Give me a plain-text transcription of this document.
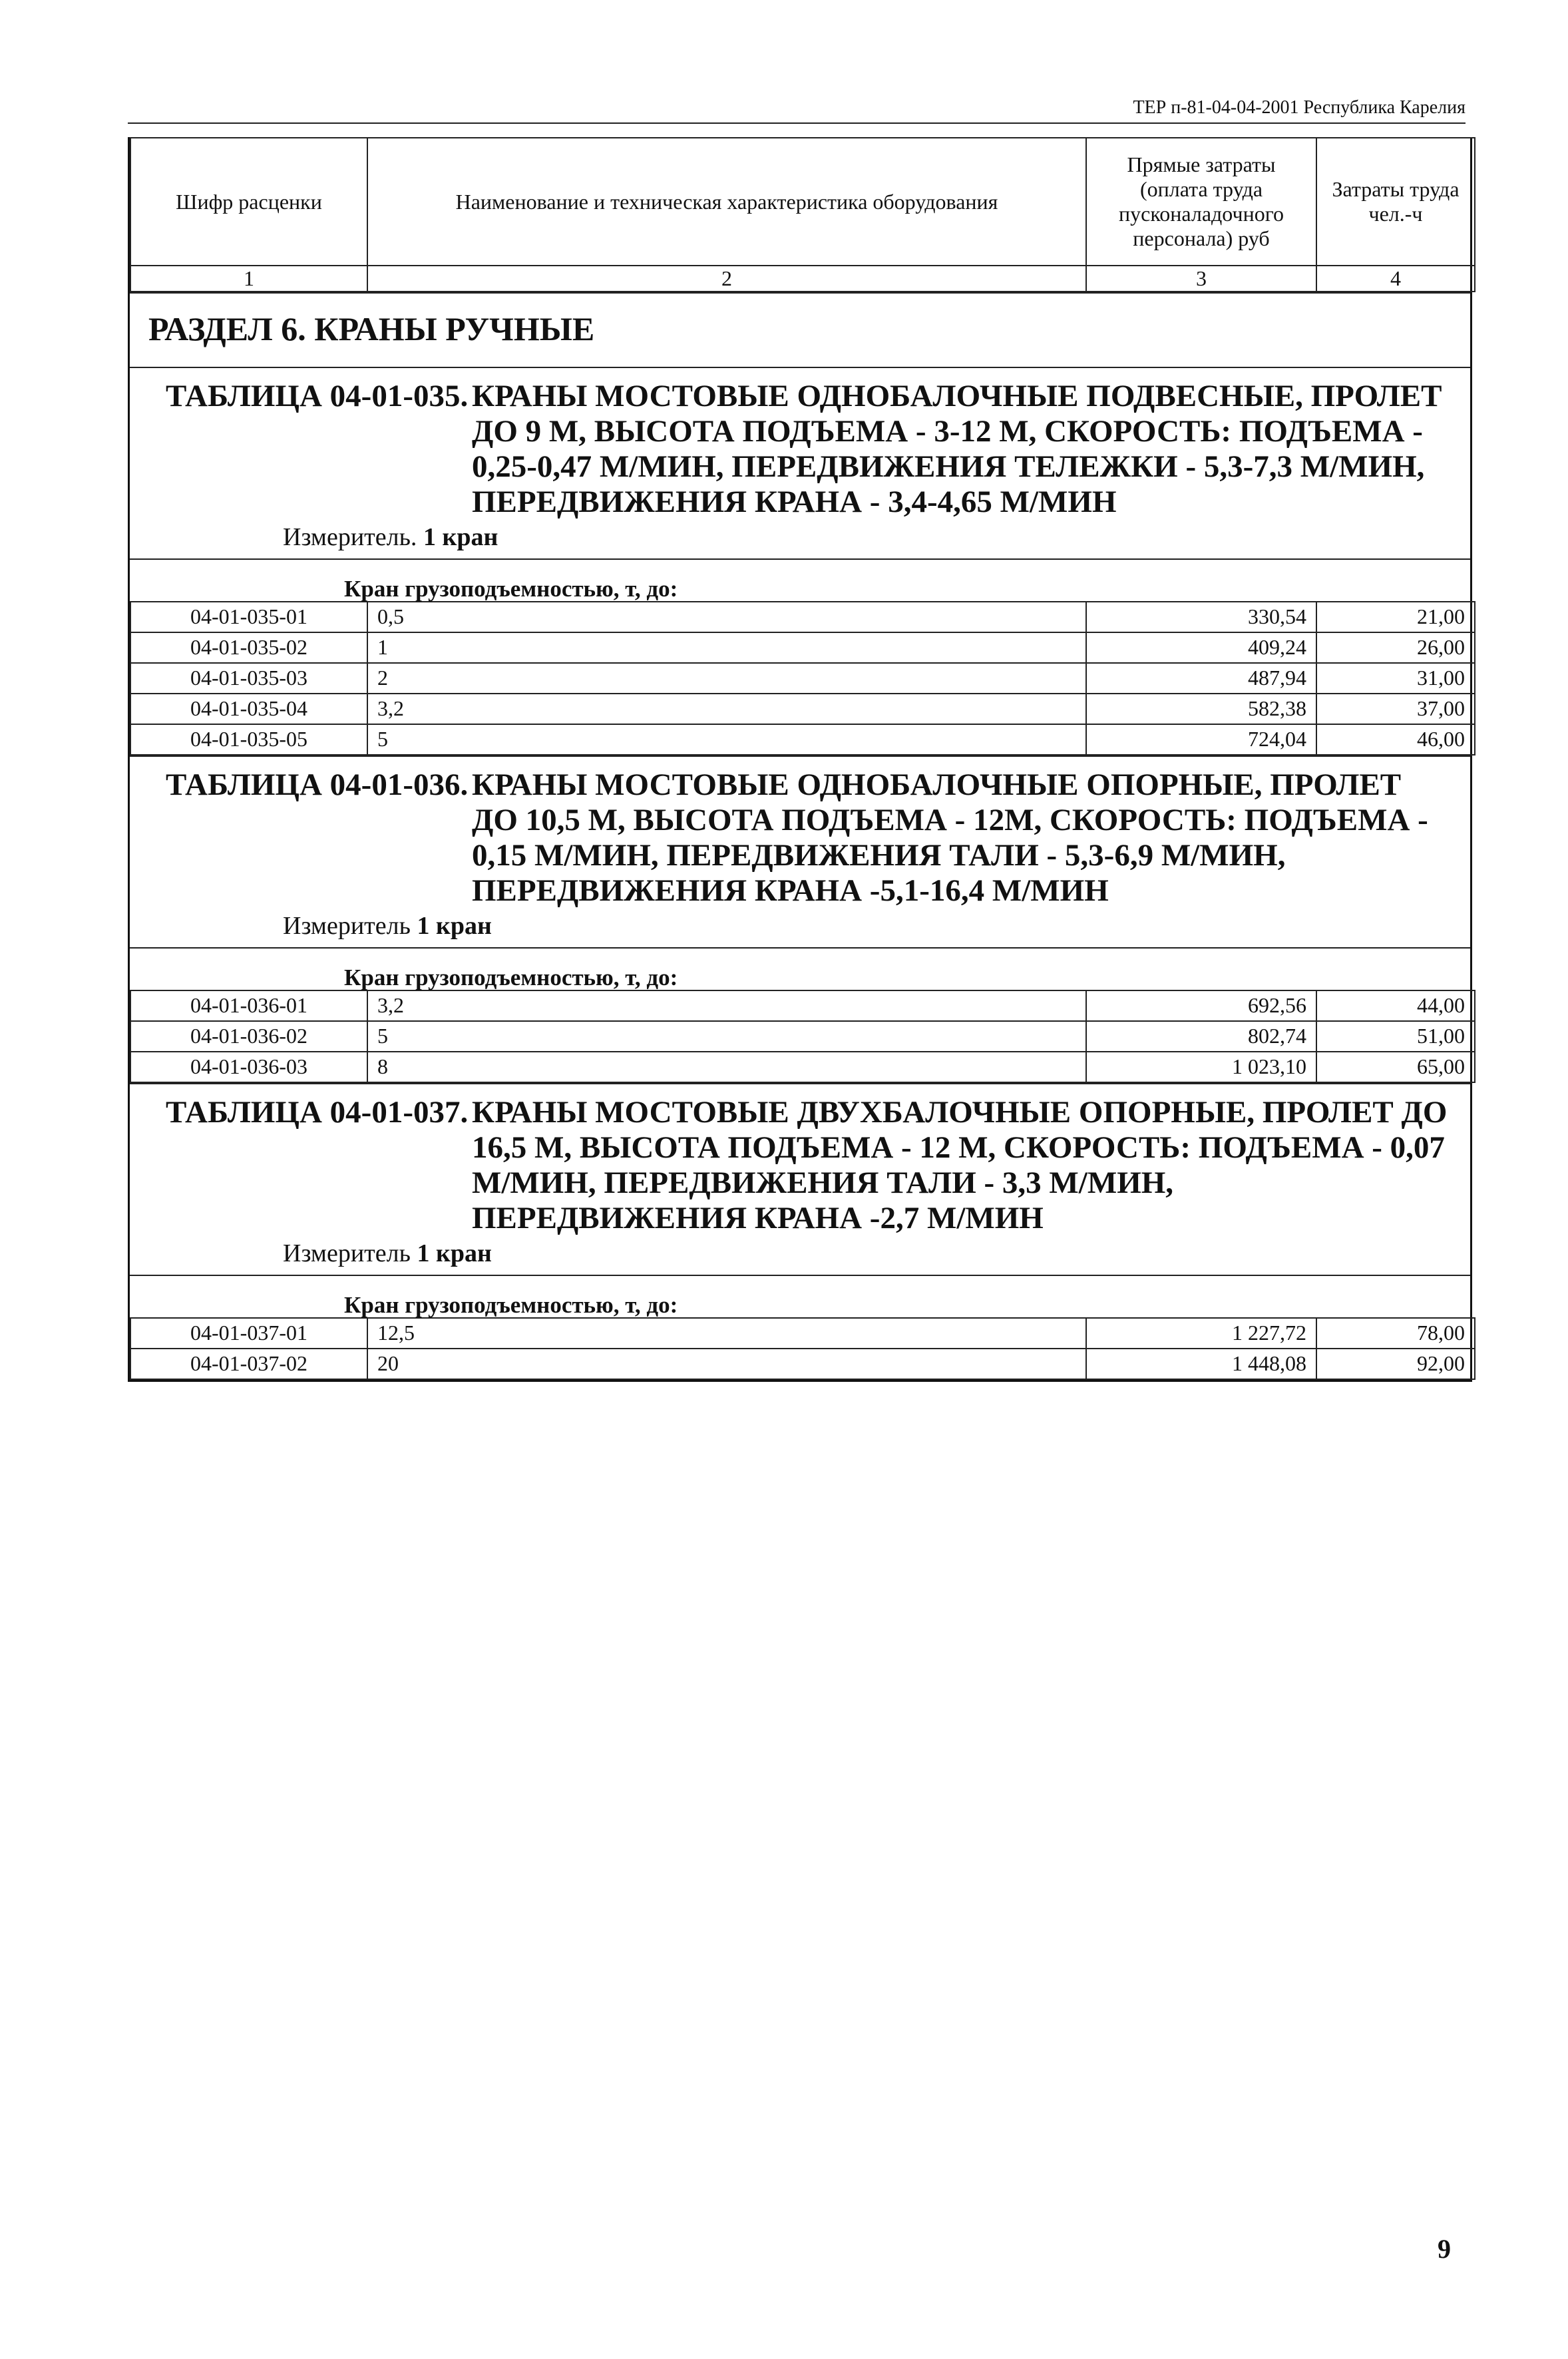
ТЕР п-81-04-04-2001 Республика Карелия
Шифр расценки	Наименование и техническая характеристика оборудования	Прямые затраты (оплата труда пусконаладочного персонала) руб	Затраты труда чел.-ч
1	2	3	4
РАЗДЕЛ 6. КРАНЫ РУЧНЫЕ
ТАБЛИЦА 04-01-035. КРАНЫ МОСТОВЫЕ ОДНОБАЛОЧНЫЕ ПОДВЕСНЫЕ, ПРОЛЕТ ДО 9 М, ВЫСОТА ПОДЪЕМА - 3-12 М, СКОРОСТЬ: ПОДЪЕМА - 0,25-0,47 М/МИН, ПЕРЕДВИЖЕНИЯ ТЕЛЕЖКИ - 5,3-7,3 М/МИН, ПЕРЕДВИЖЕНИЯ КРАНА - 3,4-4,65 М/МИН
Измеритель. 1 кран
Кран грузоподъемностью, т, до:
04-01-035-01	0,5	330,54	21,00
04-01-035-02	1	409,24	26,00
04-01-035-03	2	487,94	31,00
04-01-035-04	3,2	582,38	37,00
04-01-035-05	5	724,04	46,00
ТАБЛИЦА 04-01-036. КРАНЫ МОСТОВЫЕ ОДНОБАЛОЧНЫЕ ОПОРНЫЕ, ПРОЛЕТ ДО 10,5 М, ВЫСОТА ПОДЪЕМА - 12М, СКОРОСТЬ: ПОДЪЕМА - 0,15 М/МИН, ПЕРЕДВИЖЕНИЯ ТАЛИ - 5,3-6,9 М/МИН, ПЕРЕДВИЖЕНИЯ КРАНА -5,1-16,4 М/МИН
Измеритель 1 кран
Кран грузоподъемностью, т, до:
04-01-036-01	3,2	692,56	44,00
04-01-036-02	5	802,74	51,00
04-01-036-03	8	1 023,10	65,00
ТАБЛИЦА 04-01-037. КРАНЫ МОСТОВЫЕ ДВУХБАЛОЧНЫЕ ОПОРНЫЕ, ПРОЛЕТ ДО 16,5 М, ВЫСОТА ПОДЪЕМА - 12 М, СКОРОСТЬ: ПОДЪЕМА - 0,07 М/МИН, ПЕРЕДВИЖЕНИЯ ТАЛИ - 3,3 М/МИН, ПЕРЕДВИЖЕНИЯ КРАНА -2,7 М/МИН
Измеритель 1 кран
Кран грузоподъемностью, т, до:
04-01-037-01	12,5	1 227,72	78,00
04-01-037-02	20	1 448,08	92,00
9
